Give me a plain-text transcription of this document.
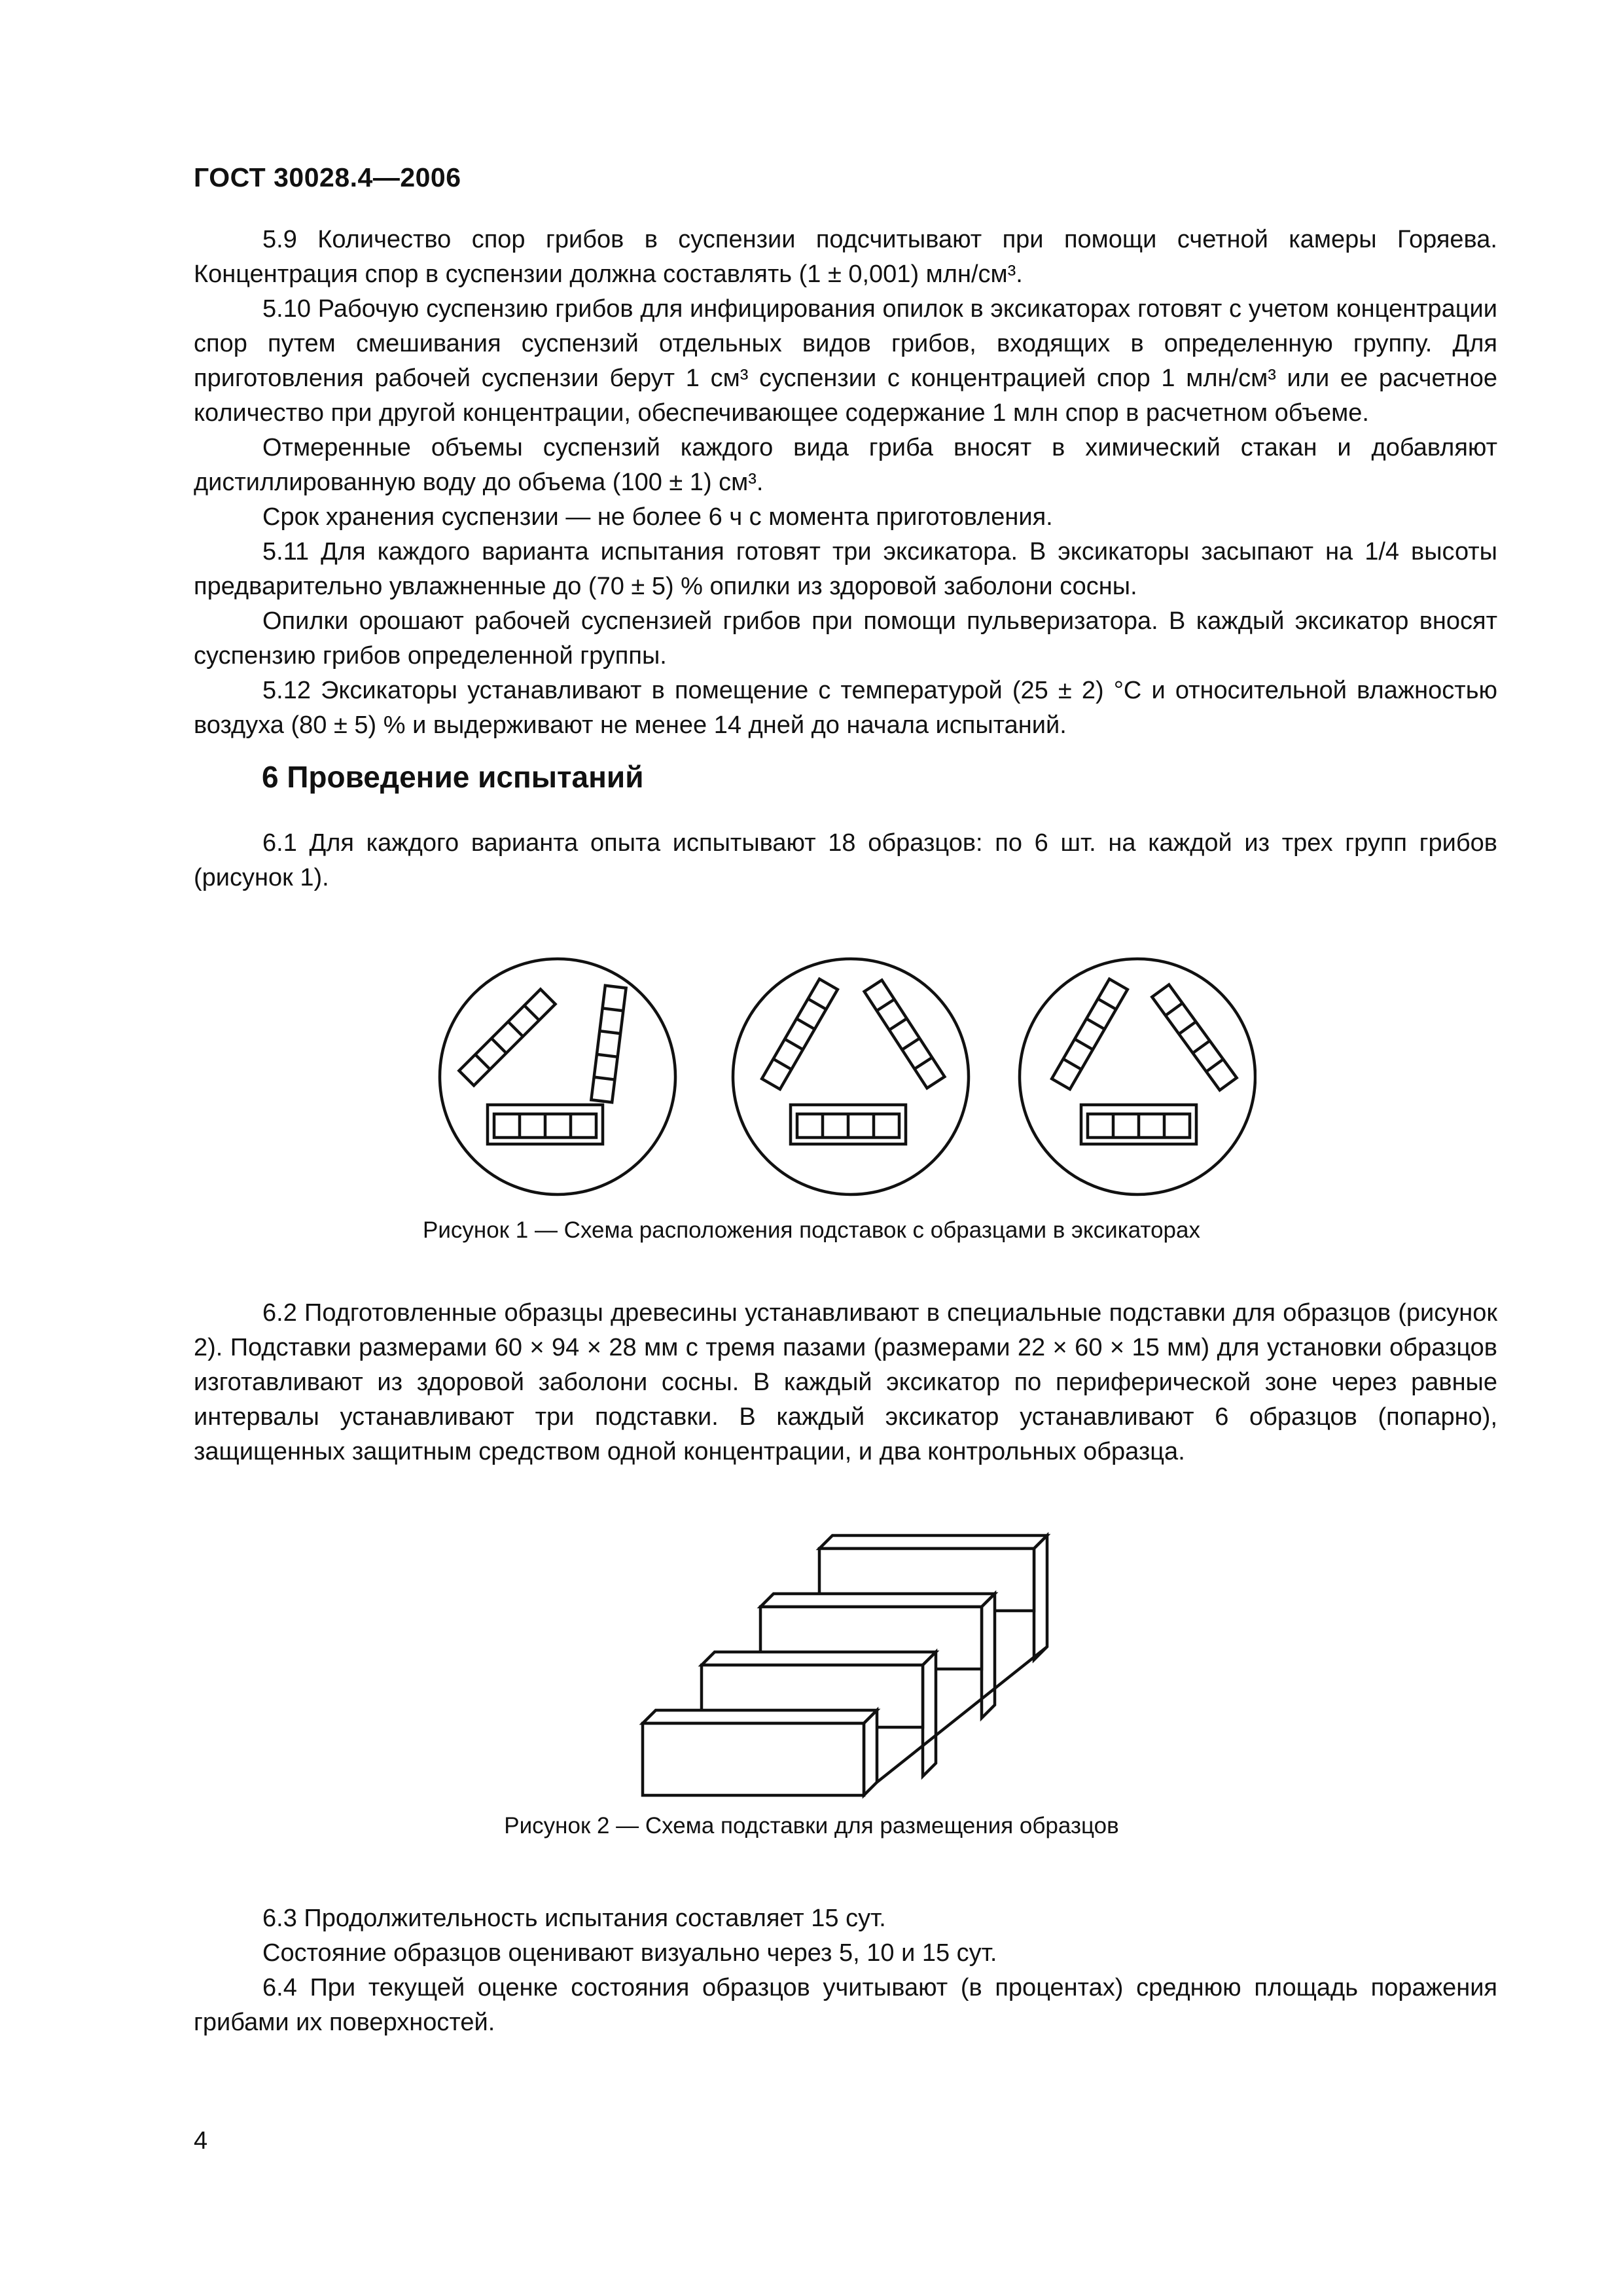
ГОСТ 30028.4—2006

5.9 Количество спор грибов в суспензии подсчитывают при помощи счетной камеры Горяева. Концентрация спор в суспензии должна составлять (1 ± 0,001) млн/см³.

5.10 Рабочую суспензию грибов для инфицирования опилок в эксикаторах готовят с учетом концентрации спор путем смешивания суспензий отдельных видов грибов, входящих в определенную группу. Для приготовления рабочей суспензии берут 1 см³ суспензии с концентрацией спор 1 млн/см³ или ее расчетное количество при другой концентрации, обеспечивающее содержание 1 млн спор в расчетном объеме.

Отмеренные объемы суспензий каждого вида гриба вносят в химический стакан и добавляют дистиллированную воду до объема (100 ± 1) см³.

Срок хранения суспензии — не более 6 ч с момента приготовления.

5.11 Для каждого варианта испытания готовят три эксикатора. В эксикаторы засыпают на 1/4 высоты предварительно увлажненные до (70 ± 5) % опилки из здоровой заболони сосны.

Опилки орошают рабочей суспензией грибов при помощи пульверизатора. В каждый эксикатор вносят суспензию грибов определенной группы.

5.12 Эксикаторы устанавливают в помещение с температурой (25 ± 2) °С и относительной влажностью воздуха (80 ± 5) % и выдерживают не менее 14 дней до начала испытаний.

6 Проведение испытаний

6.1 Для каждого варианта опыта испытывают 18 образцов: по 6 шт. на каждой из трех групп грибов (рисунок 1).

Рисунок 1 — Схема расположения подставок с образцами в эксикаторах

6.2 Подготовленные образцы древесины устанавливают в специальные подставки для образцов (рисунок 2). Подставки размерами 60 × 94 × 28 мм с тремя пазами (размерами 22 × 60 × 15 мм) для установки образцов изготавливают из здоровой заболони сосны. В каждый эксикатор по периферической зоне через равные интервалы устанавливают три подставки. В каждый эксикатор устанавливают 6 образцов (попарно), защищенных защитным средством одной концентрации, и два контрольных образца.

Рисунок 2 — Схема подставки для размещения образцов

6.3 Продолжительность испытания составляет 15 сут.

Состояние образцов оценивают визуально через 5, 10 и 15 сут.

6.4 При текущей оценке состояния образцов учитывают (в процентах) среднюю площадь поражения грибами их поверхностей.

4
